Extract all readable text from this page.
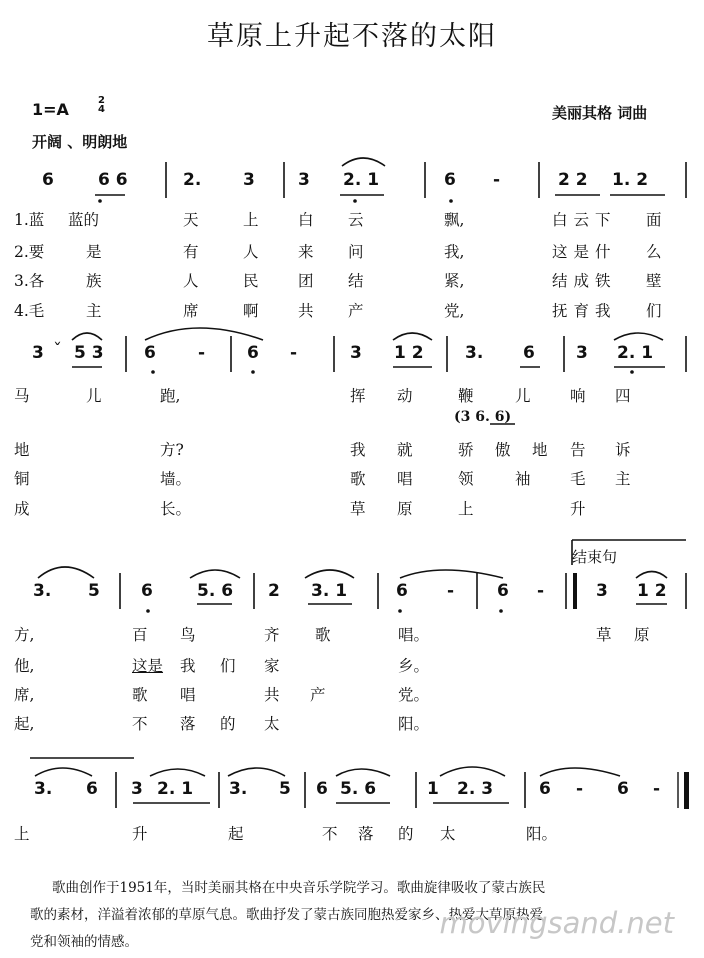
草原上升起不落的太阳
1=A	2
4
开阔 、明朗地
美丽其格 词曲
6	6 6	2. 3	3 2. 1	6 -	2 2 1. 2
1.蓝 蓝的	天	上	白 云	飘,	白云下 面
2.要	是	有	人	来 问	我,	这是什 么
3.各	族	人	民	团 结	紧,	结成铁 壁
4.毛	主	席	啊	共 产	党,	抚育我 们
3 5 3 6 - 6 -	3 1 2 3. 6 3 2. 1
ˇ
马	儿	跑,	挥 动	鞭	儿	响 四
(3 6. 6)
地	方?	我 就	骄 傲 地 告 诉
铜	墙。	歌 唱	领	袖	毛 主
成	长。	草 原	上	升
结束句
3. 5 6	5. 6 2 3. 1	6 -	6 -	3 1 2
方,	百 鸟	齐 歌	唱。	草 原
他,	这是 我 们 家	乡。
席,	歌 唱	共 产	党。
起,	不 落 的 太	阳。
3. 6 3 2. 1 3. 5 6 5. 6	1 2. 3	6 - 6 -
上	升	起	不 落 的 太	阳。
歌曲创作于1951年，当时美丽其格在中央音乐学院学习。歌曲旋律吸收了蒙古族民
歌的素材，洋溢着浓郁的草原气息。歌曲抒发了蒙古族同胞热爱家乡、热爱大草原热爱
党和领袖的情感。
movingsand.net
